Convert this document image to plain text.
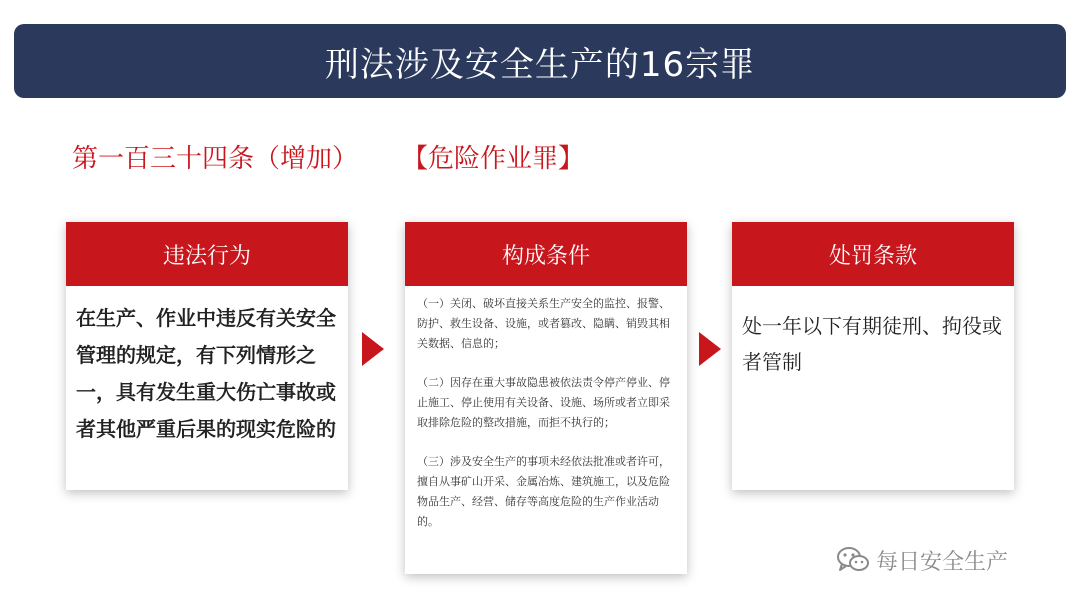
刑法涉及安全生产的16宗罪
第一百三十四条（增加） 【危险作业罪】
违法行为
在生产、作业中违反有关安全管理的规定，有下列情形之一，具有发生重大伤亡事故或者其他严重后果的现实危险的
构成条件

（一）关闭、破坏直接关系生产安全的监控、报警、防护、救生设备、设施，或者篡改、隐瞒、销毁其相关数据、信息的；

（二）因存在重大事故隐患被依法责令停产停业、停止施工、停止使用有关设备、设施、场所或者立即采取排除危险的整改措施，而拒不执行的；

（三）涉及安全生产的事项未经依法批准或者许可，擅自从事矿山开采、金属冶炼、建筑施工，以及危险物品生产、经营、储存等高度危险的生产作业活动的。

处罚条款
处一年以下有期徒刑、拘役或者管制
每日安全生产
